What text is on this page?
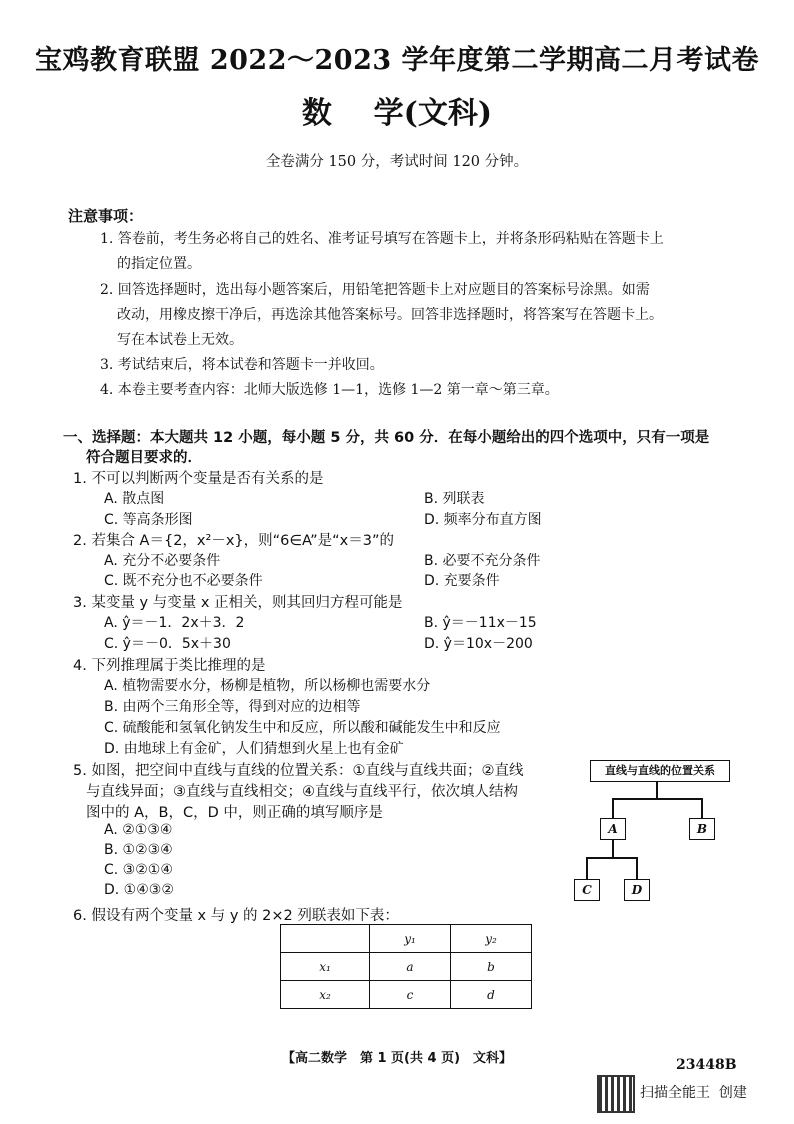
宝鸡教育联盟 2022～2023 学年度第二学期高二月考试卷
数    学(文科)
全卷满分 150 分，考试时间 120 分钟。
注意事项：
1. 答卷前，考生务必将自己的姓名、准考证号填写在答题卡上，并将条形码粘贴在答题卡上
的指定位置。
2. 回答选择题时，选出每小题答案后，用铅笔把答题卡上对应题目的答案标号涂黑。如需
改动，用橡皮擦干净后，再选涂其他答案标号。回答非选择题时，将答案写在答题卡上。
写在本试卷上无效。
3. 考试结束后，将本试卷和答题卡一并收回。
4. 本卷主要考查内容：北师大版选修 1—1，选修 1—2 第一章～第三章。
一、选择题：本大题共 12 小题，每小题 5 分，共 60 分．在每小题给出的四个选项中，只有一项是
符合题目要求的．
1. 不可以判断两个变量是否有关系的是
A. 散点图	B. 列联表
C. 等高条形图	D. 频率分布直方图
2. 若集合 A＝{2，x²－x}，则“6∈A”是“x＝3”的
A. 充分不必要条件	B. 必要不充分条件
C. 既不充分也不必要条件	D. 充要条件
3. 某变量 y 与变量 x 正相关，则其回归方程可能是
A. ŷ＝－1．2x＋3．2	B. ŷ＝－11x－15
C. ŷ＝－0．5x＋30	D. ŷ＝10x－200
4. 下列推理属于类比推理的是
A. 植物需要水分，杨柳是植物，所以杨柳也需要水分
B. 由两个三角形全等，得到对应的边相等
C. 硫酸能和氢氧化钠发生中和反应，所以酸和碱能发生中和反应
D. 由地球上有金矿，人们猜想到火星上也有金矿
5. 如图，把空间中直线与直线的位置关系：①直线与直线共面；②直线
与直线异面；③直线与直线相交；④直线与直线平行，依次填人结构
图中的 A，B，C，D 中，则正确的填写顺序是
A. ②①③④
B. ①②③④
C. ③②①④
D. ①④③②
直线与直线的位置关系
A	B
C	D
6. 假设有两个变量 x 与 y 的 2×2 列联表如下表：
	y₁	y₂
x₁	a	b
x₂	c	d
【高二数学　第 1 页(共 4 页)　文科】	23448B
扫描全能王  创建
